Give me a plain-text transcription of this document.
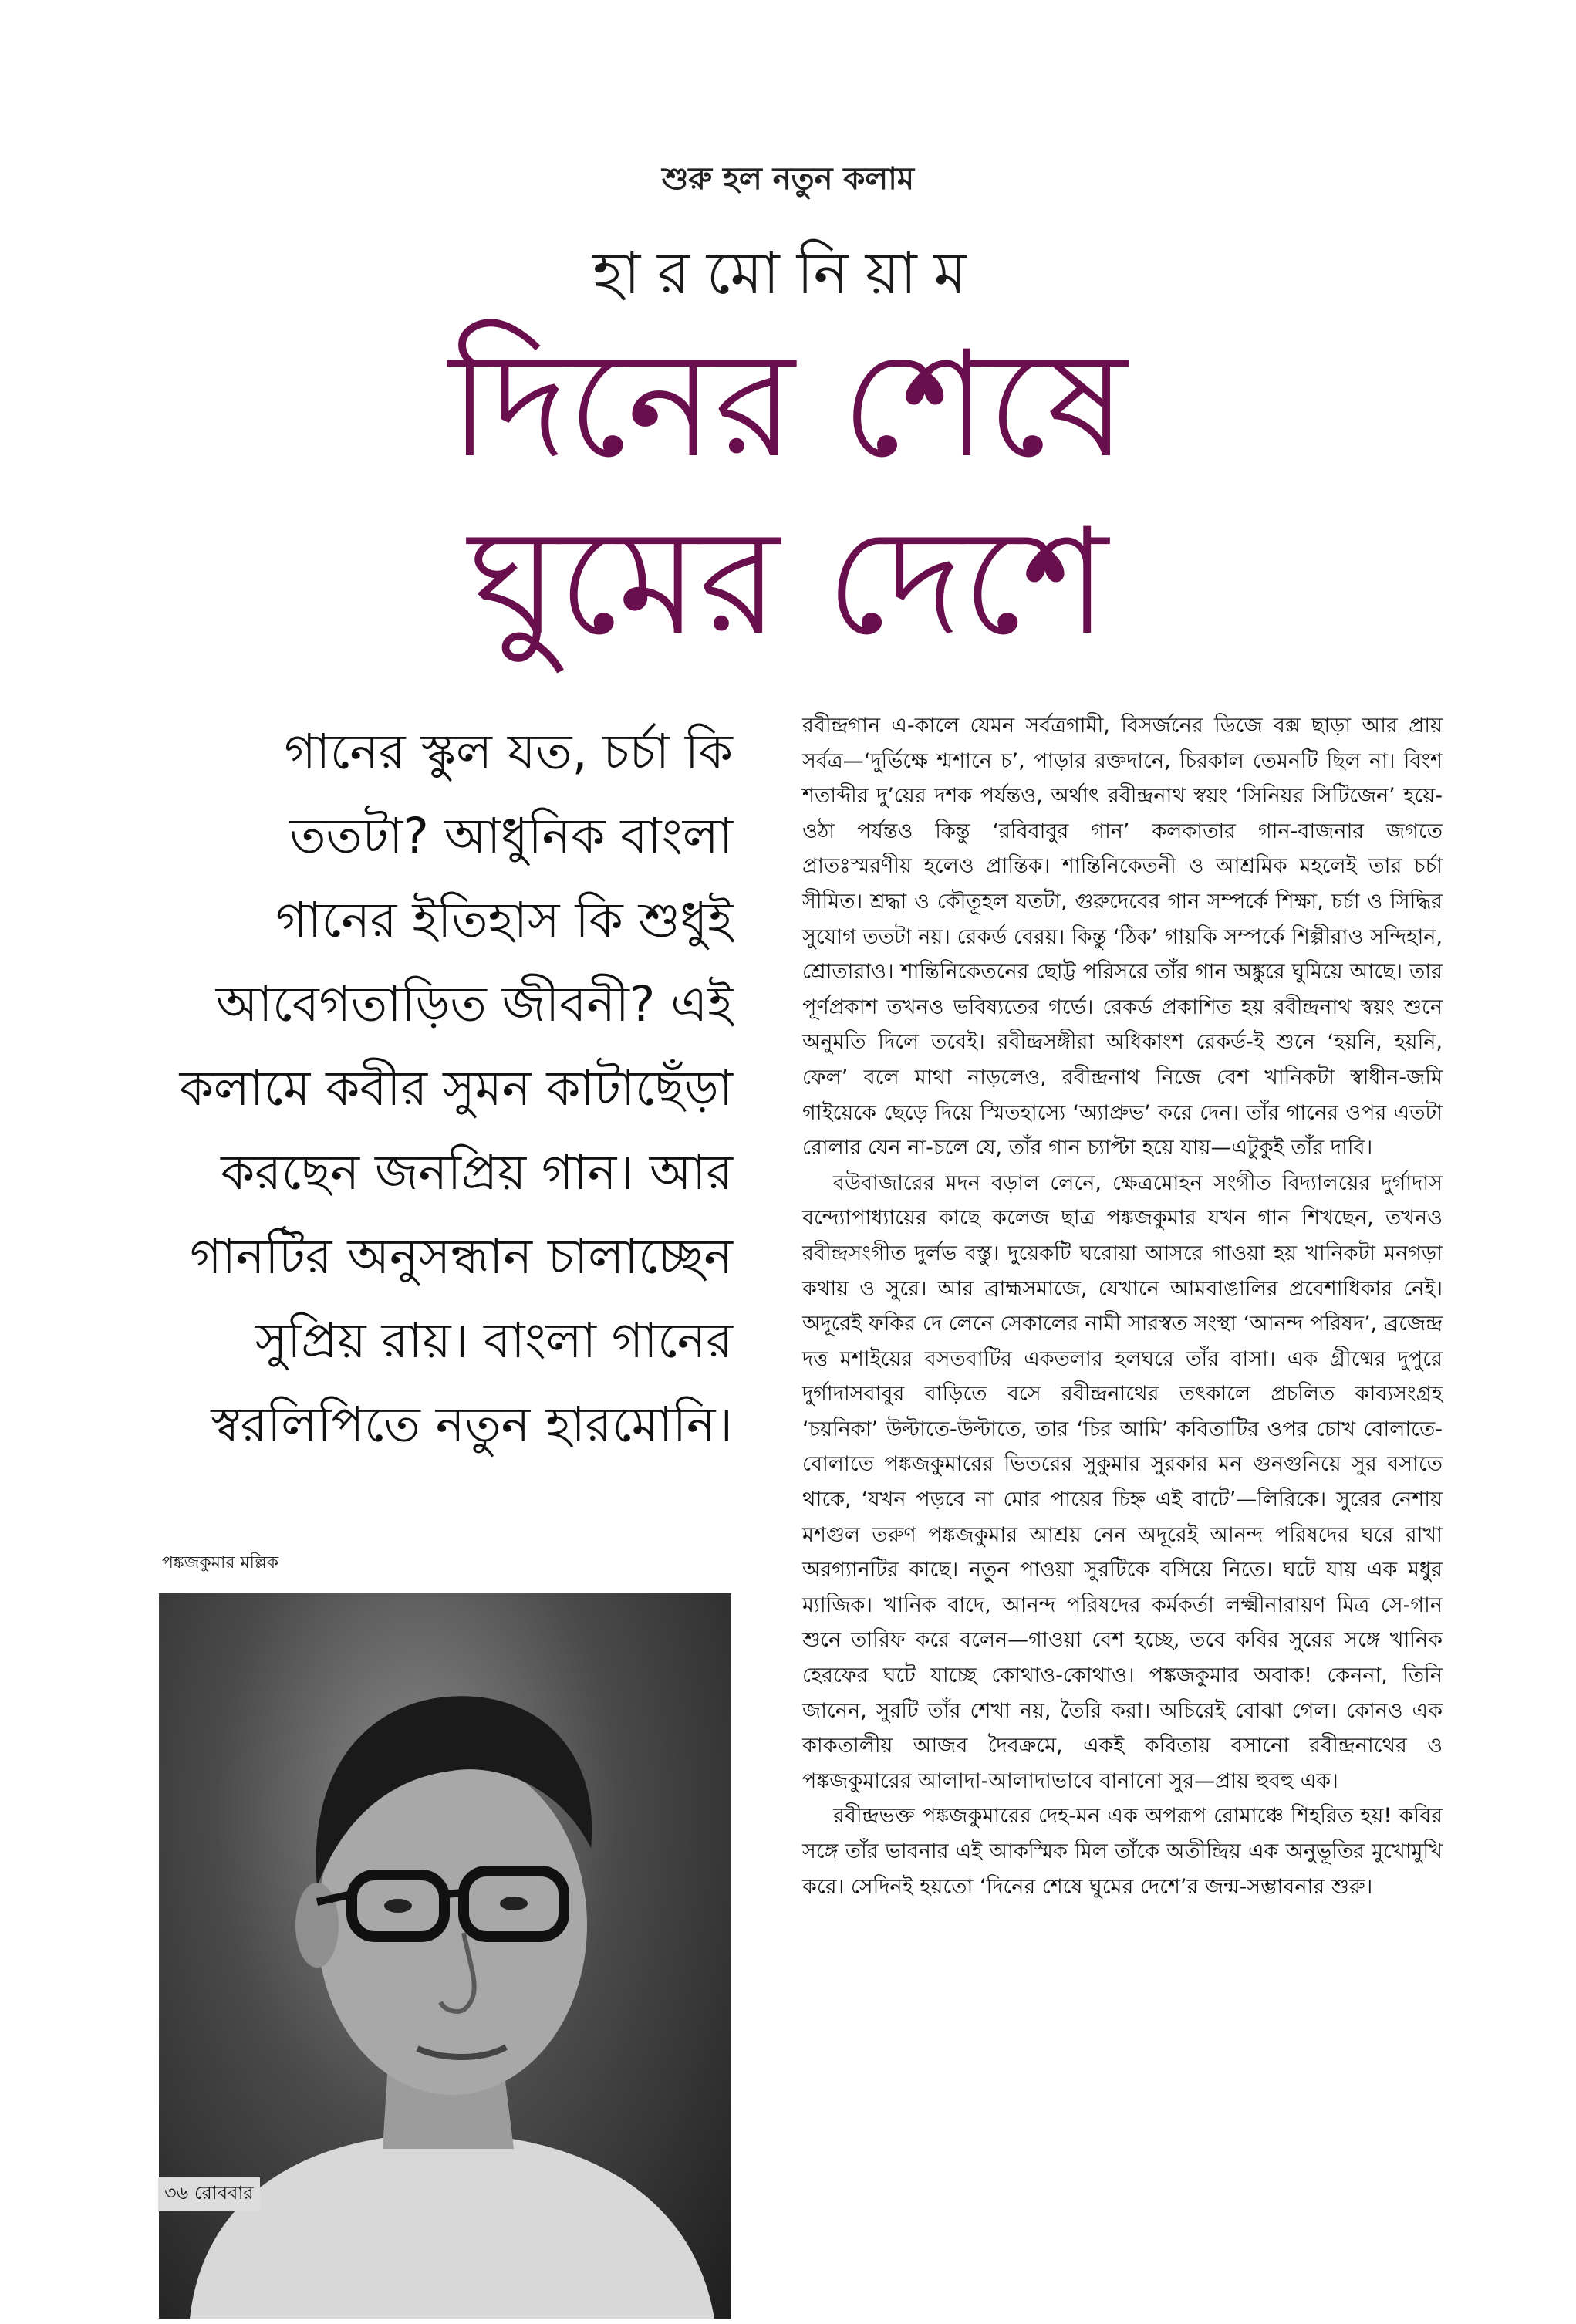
শুরু হল নতুন কলাম
হারমোনিয়াম
দিনের শেষে
ঘুমের দেশে
গানের স্কুল যত, চর্চা কি ততটা? আধুনিক বাংলা গানের ইতিহাস কি শুধুই আবেগতাড়িত জীবনী? এই কলামে কবীর সুমন কাটাছেঁড়া করছেন জনপ্রিয় গান। আর গানটির অনুসন্ধান চালাচ্ছেন সুপ্রিয় রায়। বাংলা গানের স্বরলিপিতে নতুন হারমোনি।
পঙ্কজকুমার মল্লিক

রবীন্দ্রগান এ-কালে যেমন সর্বত্রগামী, বিসর্জনের ডিজে বক্স ছাড়া আর প্রায় সর্বত্র—‘দুর্ভিক্ষে শ্মশানে চ’, পাড়ার রক্তদানে, চিরকাল তেমনটি ছিল না। বিংশ শতাব্দীর দু’য়ের দশক পর্যন্তও, অর্থাৎ রবীন্দ্রনাথ স্বয়ং ‘সিনিয়র সিটিজেন’ হয়ে-ওঠা পর্যন্তও কিন্তু ‘রবিবাবুর গান’ কলকাতার গান-বাজনার জগতে প্রাতঃস্মরণীয় হলেও প্রান্তিক। শান্তিনিকেতনী ও আশ্রমিক মহলেই তার চর্চা সীমিত। শ্রদ্ধা ও কৌতূহল যতটা, গুরুদেবের গান সম্পর্কে শিক্ষা, চর্চা ও সিদ্ধির সুযোগ ততটা নয়। রেকর্ড বেরয়। কিন্তু ‘ঠিক’ গায়কি সম্পর্কে শিল্পীরাও সন্দিহান, শ্রোতারাও। শান্তিনিকেতনের ছোট্ট পরিসরে তাঁর গান অঙ্কুরে ঘুমিয়ে আছে। তার পূর্ণপ্রকাশ তখনও ভবিষ্যতের গর্ভে। রেকর্ড প্রকাশিত হয় রবীন্দ্রনাথ স্বয়ং শুনে অনুমতি দিলে তবেই। রবীন্দ্রসঙ্গীরা অধিকাংশ রেকর্ড-ই শুনে ‘হয়নি, হয়নি, ফেল’ বলে মাথা নাড়লেও, রবীন্দ্রনাথ নিজে বেশ খানিকটা স্বাধীন-জমি গাইয়েকে ছেড়ে দিয়ে স্মিতহাস্যে ‘অ্যাপ্রুভ’ করে দেন। তাঁর গানের ওপর এতটা রোলার যেন না-চলে যে, তাঁর গান চ্যাপ্টা হয়ে যায়—এটুকুই তাঁর দাবি।

বউবাজারের মদন বড়াল লেনে, ক্ষেত্রমোহন সংগীত বিদ্যালয়ের দুর্গাদাস বন্দ্যোপাধ্যায়ের কাছে কলেজ ছাত্র পঙ্কজকুমার যখন গান শিখছেন, তখনও রবীন্দ্রসংগীত দুর্লভ বস্তু। দুয়েকটি ঘরোয়া আসরে গাওয়া হয় খানিকটা মনগড়া কথায় ও সুরে। আর ব্রাহ্মসমাজে, যেখানে আমবাঙালির প্রবেশাধিকার নেই। অদূরেই ফকির দে লেনে সেকালের নামী সারস্বত সংস্থা ‘আনন্দ পরিষদ’, ব্রজেন্দ্র দত্ত মশাইয়ের বসতবাটির একতলার হলঘরে তাঁর বাসা। এক গ্রীষ্মের দুপুরে দুর্গাদাসবাবুর বাড়িতে বসে রবীন্দ্রনাথের তৎকালে প্রচলিত কাব্যসংগ্রহ ‘চয়নিকা’ উল্টাতে-উল্টাতে, তার ‘চির আমি’ কবিতাটির ওপর চোখ বোলাতে-বোলাতে পঙ্কজকুমারের ভিতরের সুকুমার সুরকার মন গুনগুনিয়ে সুর বসাতে থাকে, ‘যখন পড়বে না মোর পায়ের চিহ্ন এই বাটে’—লিরিকে। সুরের নেশায় মশগুল তরুণ পঙ্কজকুমার আশ্রয় নেন অদূরেই আনন্দ পরিষদের ঘরে রাখা অরগ্যানটির কাছে। নতুন পাওয়া সুরটিকে বসিয়ে নিতে। ঘটে যায় এক মধুর ম্যাজিক। খানিক বাদে, আনন্দ পরিষদের কর্মকর্তা লক্ষ্মীনারায়ণ মিত্র সে-গান শুনে তারিফ করে বলেন—গাওয়া বেশ হচ্ছে, তবে কবির সুরের সঙ্গে খানিক হেরফের ঘটে যাচ্ছে কোথাও-কোথাও। পঙ্কজকুমার অবাক! কেননা, তিনি জানেন, সুরটি তাঁর শেখা নয়, তৈরি করা। অচিরেই বোঝা গেল। কোনও এক কাকতালীয় আজব দৈবক্রমে, একই কবিতায় বসানো রবীন্দ্রনাথের ও পঙ্কজকুমারের আলাদা-আলাদাভাবে বানানো সুর—প্রায় হুবহু এক।

রবীন্দ্রভক্ত পঙ্কজকুমারের দেহ-মন এক অপরূপ রোমাঞ্চে শিহরিত হয়! কবির সঙ্গে তাঁর ভাবনার এই আকস্মিক মিল তাঁকে অতীন্দ্রিয় এক অনুভূতির মুখোমুখি করে। সেদিনই হয়তো ‘দিনের শেষে ঘুমের দেশে’র জন্ম-সম্ভাবনার শুরু।

৩৬ রোববার
